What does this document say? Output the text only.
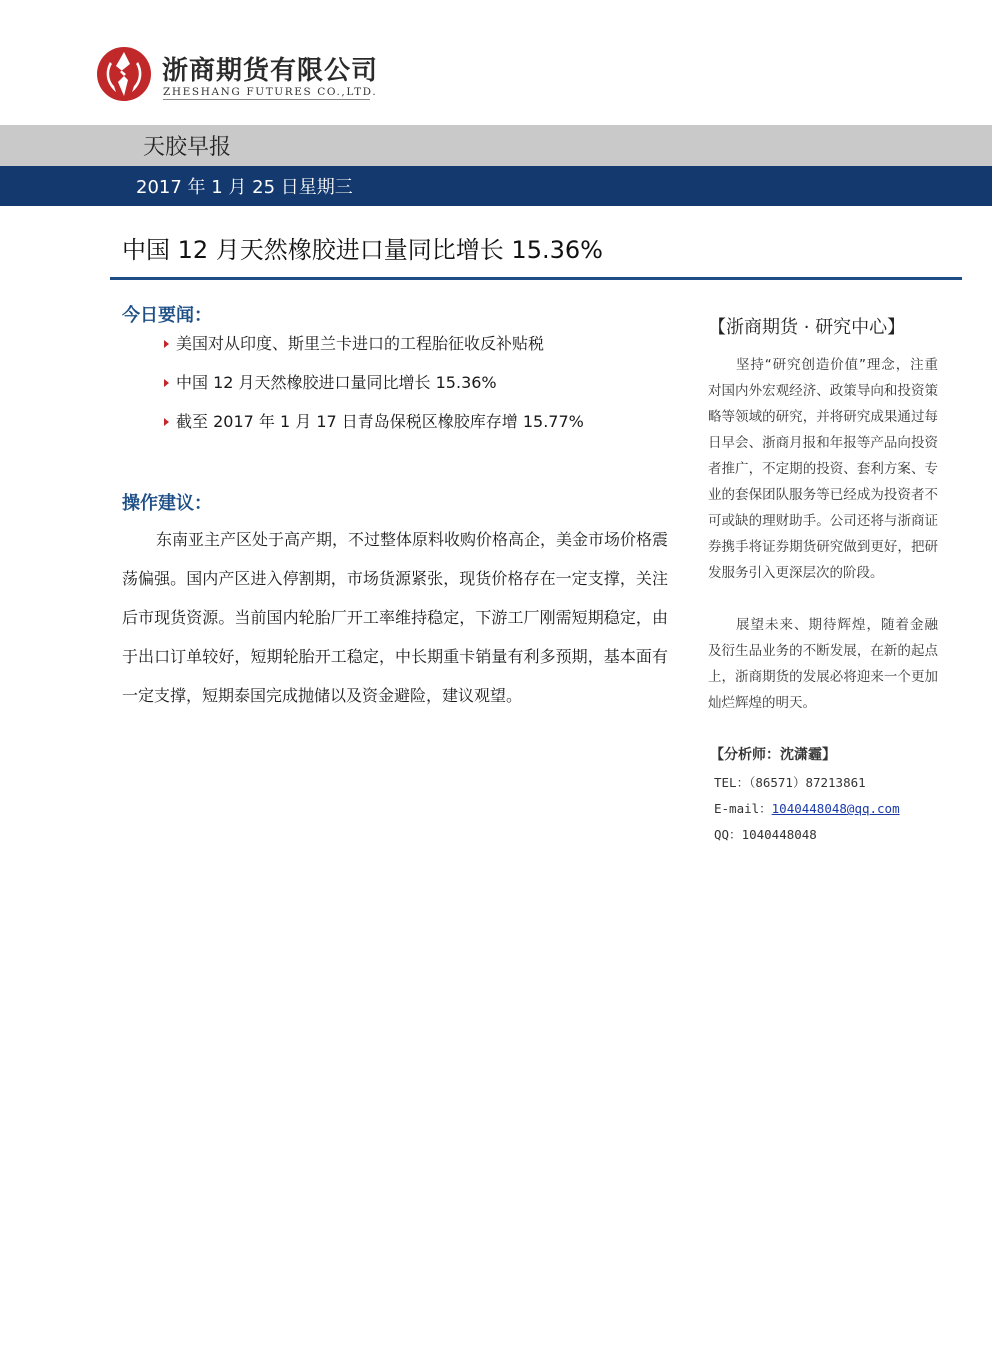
浙商期货有限公司
ZHESHANG FUTURES CO.,LTD.
天胶早报
2017 年 1 月 25 日星期三
中国 12 月天然橡胶进口量同比增长 15.36%
今日要闻：
美国对从印度、斯里兰卡进口的工程胎征收反补贴税
中国 12 月天然橡胶进口量同比增长 15.36%
截至 2017 年 1 月 17 日青岛保税区橡胶库存增 15.77%
操作建议：

东南亚主产区处于高产期，不过整体原料收购价格高企，美金市场价格震荡偏强。国内产区进入停割期，市场货源紧张，现货价格存在一定支撑，关注后市现货资源。当前国内轮胎厂开工率维持稳定，下游工厂刚需短期稳定，由于出口订单较好，短期轮胎开工稳定，中长期重卡销量有利多预期，基本面有一定支撑，短期泰国完成抛储以及资金避险，建议观望。

【浙商期货 · 研究中心】

坚持“研究创造价值”理念，注重对国内外宏观经济、政策导向和投资策略等领域的研究，并将研究成果通过每日早会、浙商月报和年报等产品向投资者推广，不定期的投资、套利方案、专业的套保团队服务等已经成为投资者不可或缺的理财助手。公司还将与浙商证券携手将证券期货研究做到更好，把研发服务引入更深层次的阶段。

展望未来、期待辉煌，随着金融及衍生品业务的不断发展，在新的起点上，浙商期货的发展必将迎来一个更加灿烂辉煌的明天。

【分析师：沈潇霾】
TEL：（86571）87213861
E-mail：1040448048@qq.com
QQ：1040448048
